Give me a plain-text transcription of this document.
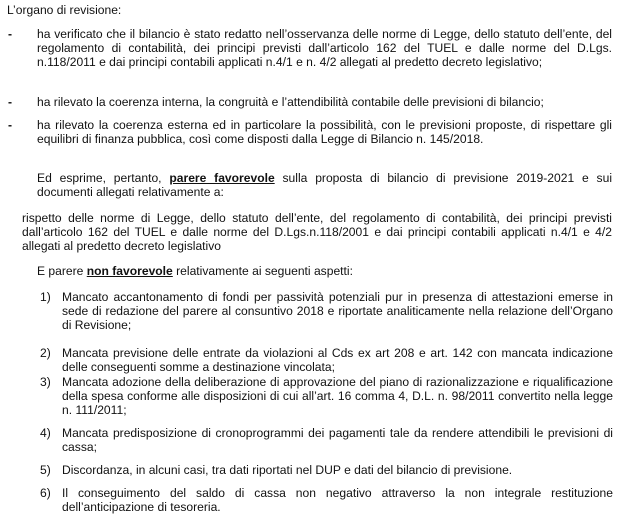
L’organo di revisione:
- ha verificato che il bilancio è stato redatto nell’osservanza delle norme di Legge, dello statuto dell’ente, del regolamento di contabilità, dei principi previsti dall’articolo 162 del TUEL e dalle norme del D.Lgs. n.118/2011 e dai principi contabili applicati n.4/1 e n. 4/2 allegati al predetto decreto legislativo;
- ha rilevato la coerenza interna, la congruità e l’attendibilità contabile delle previsioni di bilancio;
- ha rilevato la coerenza esterna ed in particolare la possibilità, con le previsioni proposte, di rispettare gli equilibri di finanza pubblica, così come disposti dalla Legge di Bilancio n. 145/2018.
Ed esprime, pertanto, parere favorevole sulla proposta di bilancio di previsione 2019-2021 e sui documenti allegati relativamente a:
rispetto delle norme di Legge, dello statuto dell’ente, del regolamento di contabilità, dei principi previsti dall’articolo 162 del TUEL e dalle norme del D.Lgs.n.118/2001 e dai principi contabili applicati n.4/1 e 4/2 allegati al predetto decreto legislativo
E parere non favorevole relativamente ai seguenti aspetti:
1) Mancato accantonamento di fondi per passività potenziali pur in presenza di attestazioni emerse in sede di redazione del parere al consuntivo 2018 e riportate analiticamente nella relazione dell’Organo di Revisione;
2) Mancata previsione delle entrate da violazioni al Cds ex art 208 e art. 142 con mancata indicazione delle conseguenti somme a destinazione vincolata;
3) Mancata adozione della deliberazione di approvazione del piano di razionalizzazione e riqualificazione della spesa conforme alle disposizioni di cui all’art. 16 comma 4, D.L. n. 98/2011 convertito nella legge n. 111/2011;
4) Mancata predisposizione di cronoprogrammi dei pagamenti tale da rendere attendibili le previsioni di cassa;
5) Discordanza, in alcuni casi, tra dati riportati nel DUP e dati del bilancio di previsione.
6) Il conseguimento del saldo di cassa non negativo attraverso la non integrale restituzione dell’anticipazione di tesoreria.
